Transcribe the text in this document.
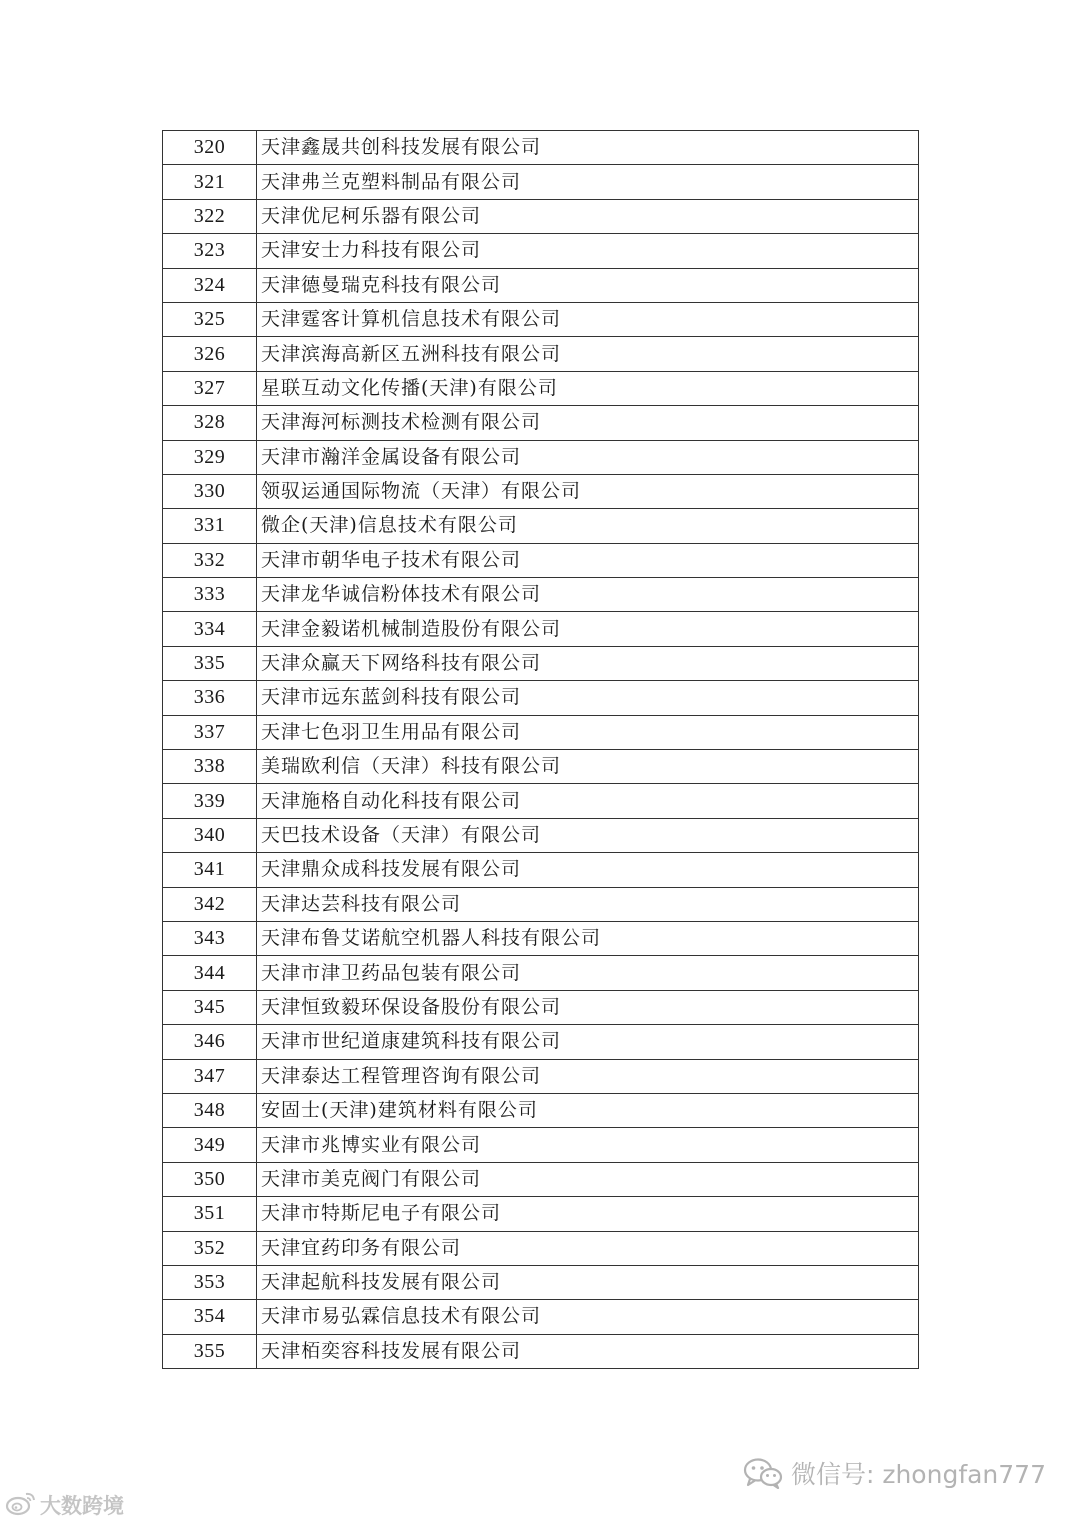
320	天津鑫晟共创科技发展有限公司
321	天津弗兰克塑料制品有限公司
322	天津优尼柯乐器有限公司
323	天津安士力科技有限公司
324	天津德曼瑞克科技有限公司
325	天津霆客计算机信息技术有限公司
326	天津滨海高新区五洲科技有限公司
327	星联互动文化传播(天津)有限公司
328	天津海河标测技术检测有限公司
329	天津市瀚洋金属设备有限公司
330	领驭运通国际物流（天津）有限公司
331	微企(天津)信息技术有限公司
332	天津市朝华电子技术有限公司
333	天津龙华诚信粉体技术有限公司
334	天津金毅诺机械制造股份有限公司
335	天津众赢天下网络科技有限公司
336	天津市远东蓝剑科技有限公司
337	天津七色羽卫生用品有限公司
338	美瑞欧利信（天津）科技有限公司
339	天津施格自动化科技有限公司
340	天巴技术设备（天津）有限公司
341	天津鼎众成科技发展有限公司
342	天津达芸科技有限公司
343	天津布鲁艾诺航空机器人科技有限公司
344	天津市津卫药品包装有限公司
345	天津恒致毅环保设备股份有限公司
346	天津市世纪道康建筑科技有限公司
347	天津泰达工程管理咨询有限公司
348	安固士(天津)建筑材料有限公司
349	天津市兆博实业有限公司
350	天津市美克阀门有限公司
351	天津市特斯尼电子有限公司
352	天津宜药印务有限公司
353	天津起航科技发展有限公司
354	天津市易弘霖信息技术有限公司
355	天津栢奕容科技发展有限公司
微信号: zhongfan777
大数跨境
